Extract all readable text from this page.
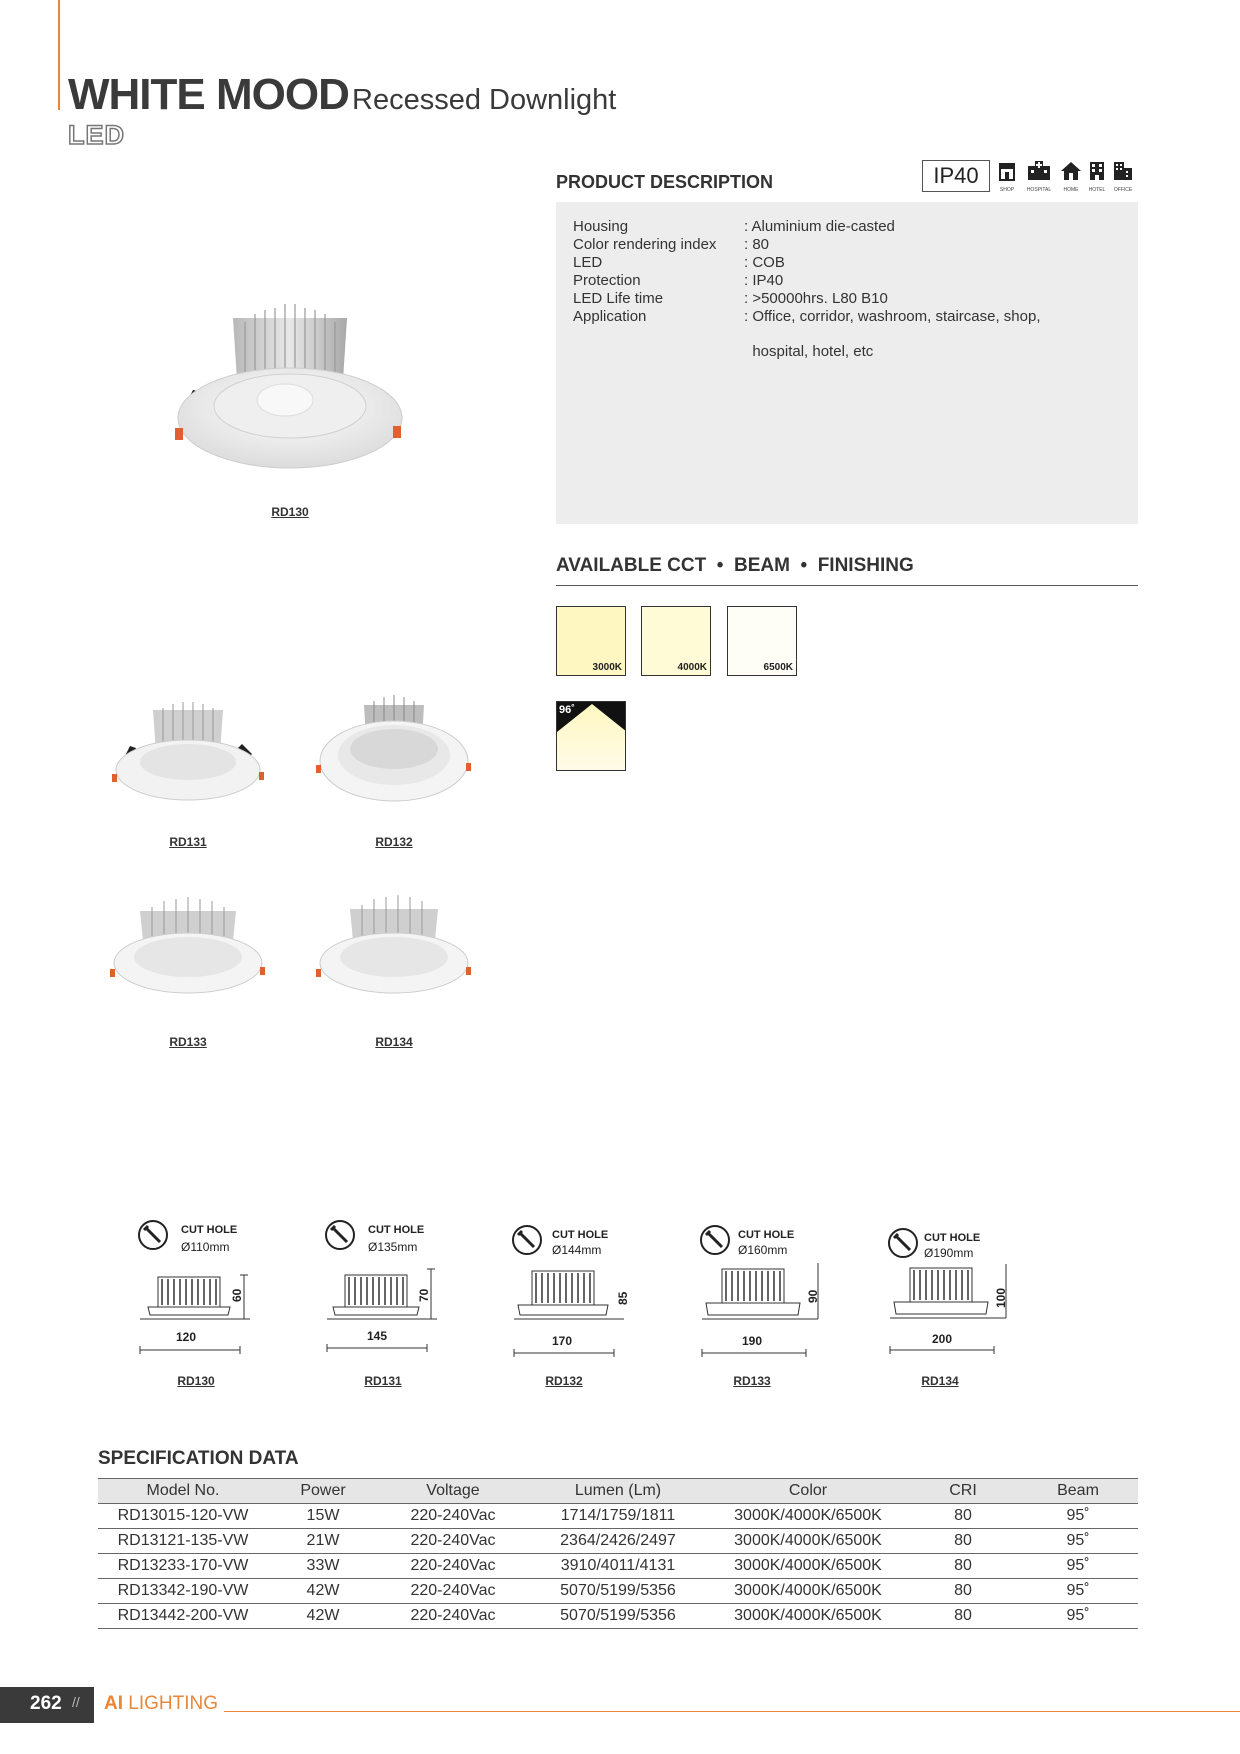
WHITE MOOD Recessed Downlight
LED
RD130
PRODUCT DESCRIPTION	IP40
SHOP	HOSPITAL	HOME	HOTEL	OFFICE
Housing	: Aluminium die-casted
Color rendering index	: 80
LED	: COB
Protection	: IP40
LED Life time	: >50000hrs. L80 B10
Application	: Office, corridor, washroom, staircase, shop,

hospital, hotel, etc

AVAILABLE CCT  •  BEAM  •  FINISHING
3000K	4000K	6500K
96˚
RD131	RD132
RD133	RD134
CUT HOLE
Ø110mm
60
120
RD130
CUT HOLE
Ø135mm
70
145
RD131
CUT HOLE
Ø144mm
85
170
RD132
CUT HOLE
Ø160mm
90
190
RD133
CUT HOLE
Ø190mm
100
200
RD134
SPECIFICATION DATA
Model No.	Power	Voltage	Lumen (Lm)	Color	CRI	Beam
RD13015-120-VW	15W	220-240Vac	1714/1759/1811	3000K/4000K/6500K	80	95˚
RD13121-135-VW	21W	220-240Vac	2364/2426/2497	3000K/4000K/6500K	80	95˚
RD13233-170-VW	33W	220-240Vac	3910/4011/4131	3000K/4000K/6500K	80	95˚
RD13342-190-VW	42W	220-240Vac	5070/5199/5356	3000K/4000K/6500K	80	95˚
RD13442-200-VW	42W	220-240Vac	5070/5199/5356	3000K/4000K/6500K	80	95˚
262 // AI LIGHTING
